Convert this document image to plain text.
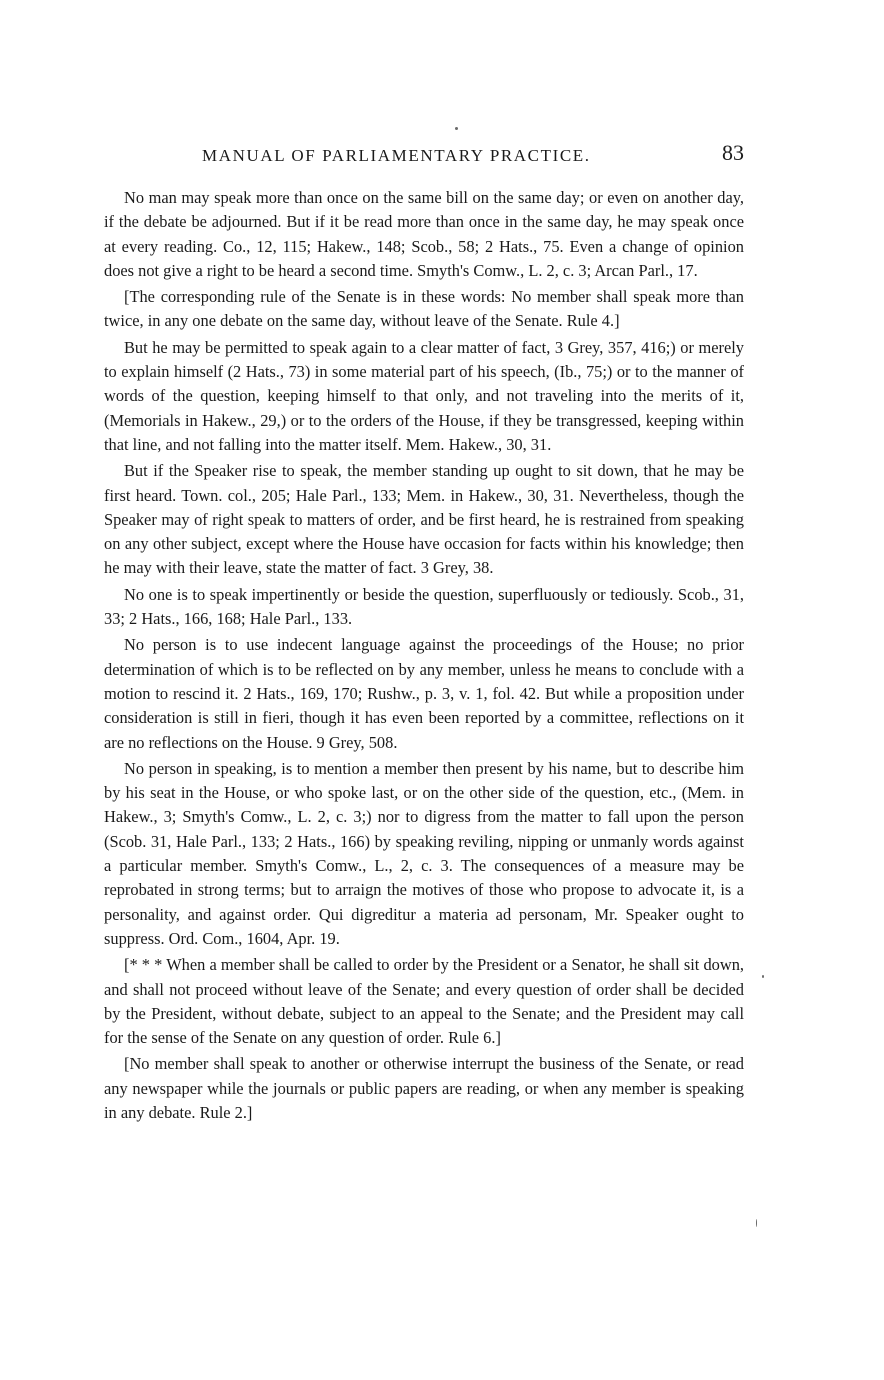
MANUAL OF PARLIAMENTARY PRACTICE.	83

No man may speak more than once on the same bill on the same day; or even on another day, if the debate be adjourned. But if it be read more than once in the same day, he may speak once at every reading. Co., 12, 115; Hakew., 148; Scob., 58; 2 Hats., 75. Even a change of opinion does not give a right to be heard a second time. Smyth's Comw., L. 2, c. 3; Arcan Parl., 17.

[The corresponding rule of the Senate is in these words: No member shall speak more than twice, in any one debate on the same day, without leave of the Senate. Rule 4.]

But he may be permitted to speak again to a clear matter of fact, 3 Grey, 357, 416;) or merely to explain himself (2 Hats., 73) in some material part of his speech, (Ib., 75;) or to the manner of words of the question, keeping himself to that only, and not traveling into the merits of it, (Memorials in Hakew., 29,) or to the orders of the House, if they be transgressed, keeping within that line, and not falling into the matter itself. Mem. Hakew., 30, 31.

But if the Speaker rise to speak, the member standing up ought to sit down, that he may be first heard. Town. col., 205; Hale Parl., 133; Mem. in Hakew., 30, 31. Nevertheless, though the Speaker may of right speak to matters of order, and be first heard, he is restrained from speaking on any other subject, except where the House have occasion for facts within his knowledge; then he may with their leave, state the matter of fact. 3 Grey, 38.

No one is to speak impertinently or beside the question, superfluously or tediously. Scob., 31, 33; 2 Hats., 166, 168; Hale Parl., 133.

No person is to use indecent language against the proceedings of the House; no prior determination of which is to be reflected on by any member, unless he means to conclude with a motion to rescind it. 2 Hats., 169, 170; Rushw., p. 3, v. 1, fol. 42. But while a proposition under consideration is still in fieri, though it has even been reported by a committee, reflections on it are no reflections on the House. 9 Grey, 508.

No person in speaking, is to mention a member then present by his name, but to describe him by his seat in the House, or who spoke last, or on the other side of the question, etc., (Mem. in Hakew., 3; Smyth's Comw., L. 2, c. 3;) nor to digress from the matter to fall upon the person (Scob. 31, Hale Parl., 133; 2 Hats., 166) by speaking reviling, nipping or unmanly words against a particular member. Smyth's Comw., L., 2, c. 3. The consequences of a measure may be reprobated in strong terms; but to arraign the motives of those who propose to advocate it, is a personality, and against order. Qui digreditur a materia ad personam, Mr. Speaker ought to suppress. Ord. Com., 1604, Apr. 19.

[* * * When a member shall be called to order by the President or a Senator, he shall sit down, and shall not proceed without leave of the Senate; and every question of order shall be decided by the President, without debate, subject to an appeal to the Senate; and the President may call for the sense of the Senate on any question of order. Rule 6.]

[No member shall speak to another or otherwise interrupt the business of the Senate, or read any newspaper while the journals or public papers are reading, or when any member is speaking in any debate. Rule 2.]
